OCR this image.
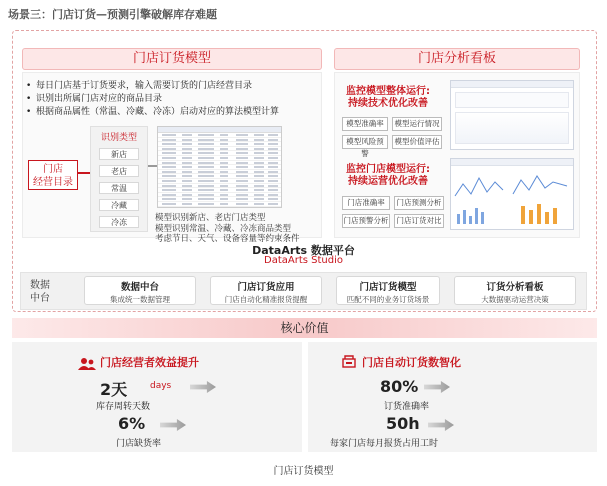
场景三：门店订货—预测引擎破解库存难题
门店订货模型
• 每日门店基于订货要求，输入需要订货的门店经营目录
• 识别出所属门店对应的商品目录
• 根据商品属性（常温、冷藏、冷冻）启动对应的算法模型计算
门店
经营目录
识别类型
新店
老店
常温
冷藏
冷冻	模型识别新店、老店门店类型
模型识别常温、冷藏、冷冻商品类型
考虑节日、天气、设备容量等约束条件
门店分析看板
监控模型整体运行:
持续技术优化改善
模型准确率	模型运行情况
模型风险预警
模型价值评估
监控门店模型运行:
持续运营优化改善
门店准确率	门店预测分析
门店预警分析	门店订货对比
DataArts 数据平台
DataArts Studio
数据
中台
数据中台
集成统一数据管理
门店订货应用
门店自动化精准报货提醒
门店订货模型
匹配不同的业务订货场景
订货分析看板
大数据驱动运营决策
核心价值
门店经营者效益提升
2天	days
库存周转天数
6%
门店缺货率
门店自动订货数智化
80%
订货准确率
50h
每家门店每月报货占用工时
门店订货模型
